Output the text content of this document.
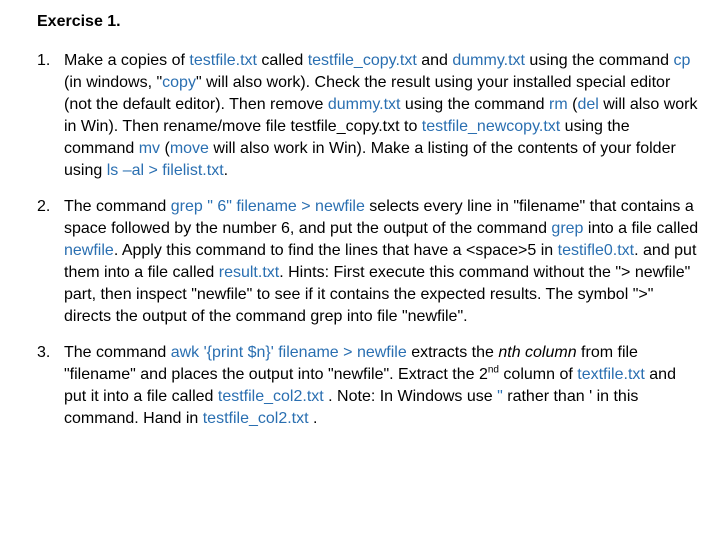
Exercise 1.
1. Make a copies of testfile.txt called testfile_copy.txt and dummy.txt using the command cp (in windows, "copy" will also work). Check the result using your installed special editor (not the default editor). Then remove dummy.txt using the command rm (del will also work in Win). Then rename/move file testfile_copy.txt to testfile_newcopy.txt using the command mv (move will also work in Win). Make a listing of the contents of your folder using ls –al > filelist.txt.
2. The command grep " 6" filename > newfile selects every line in "filename" that contains a space followed by the number 6, and put the output of the command grep into a file called newfile. Apply this command to find the lines that have a <space>5 in testifle0.txt. and put them into a file called result.txt. Hints: First execute this command without the "> newfile" part, then inspect "newfile" to see if it contains the expected results. The symbol ">" directs the output of the command grep into file "newfile".
3. The command awk '{print $n}' filename > newfile extracts the nth column from file "filename" and places the output into "newfile". Extract the 2nd column of textfile.txt and put it into a file called testfile_col2.txt . Note: In Windows use " rather than ' in this command. Hand in testfile_col2.txt .
